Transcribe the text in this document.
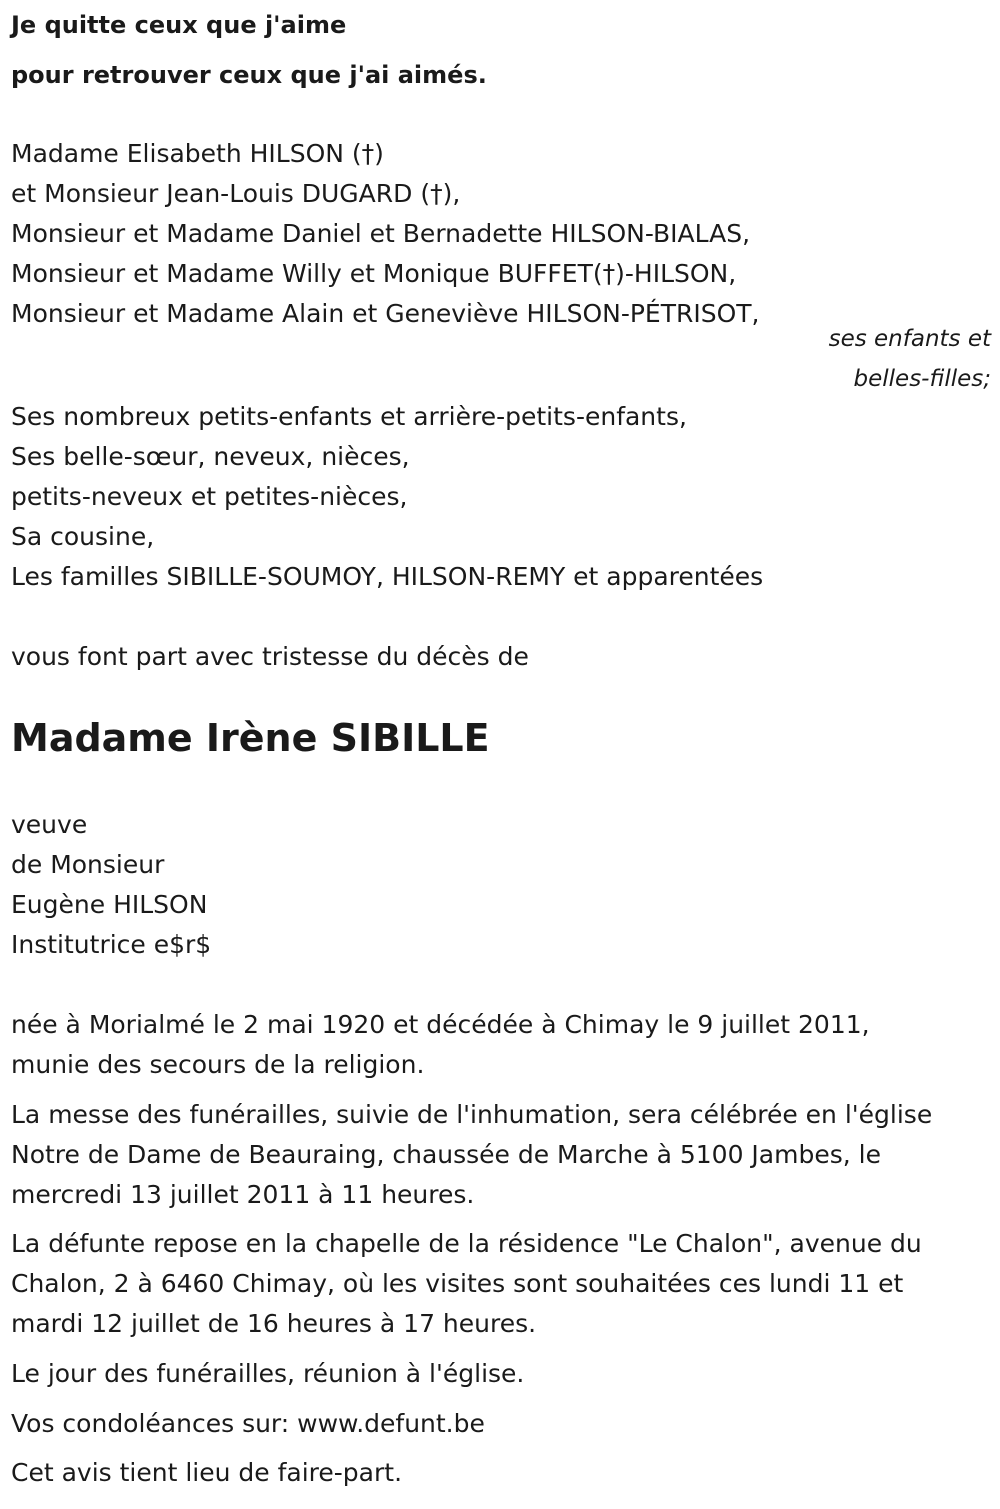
Je quitte ceux que j'aime
pour retrouver ceux que j'ai aimés.
Madame Elisabeth HILSON (†)
et Monsieur Jean-Louis DUGARD (†),
Monsieur et Madame Daniel et Bernadette HILSON-BIALAS,
Monsieur et Madame Willy et Monique BUFFET(†)-HILSON,
Monsieur et Madame Alain et Geneviève HILSON-PÉTRISOT,
ses enfants et
belles-filles;
Ses nombreux petits-enfants et arrière-petits-enfants,
Ses belle-sœur, neveux, nièces,
petits-neveux et petites-nièces,
Sa cousine,
Les familles SIBILLE-SOUMOY, HILSON-REMY et apparentées
vous font part avec tristesse du décès de
Madame Irène SIBILLE
veuve
de Monsieur
Eugène HILSON
Institutrice e$r$
née à Morialmé le 2 mai 1920 et décédée à Chimay le 9 juillet 2011,
munie des secours de la religion.
La messe des funérailles, suivie de l'inhumation, sera célébrée en l'église
Notre de Dame de Beauraing, chaussée de Marche à 5100 Jambes, le
mercredi 13 juillet 2011 à 11 heures.
La défunte repose en la chapelle de la résidence "Le Chalon", avenue du
Chalon, 2 à 6460 Chimay, où les visites sont souhaitées ces lundi 11 et
mardi 12 juillet de 16 heures à 17 heures.
Le jour des funérailles, réunion à l'église.
Vos condoléances sur: www.defunt.be
Cet avis tient lieu de faire-part.
